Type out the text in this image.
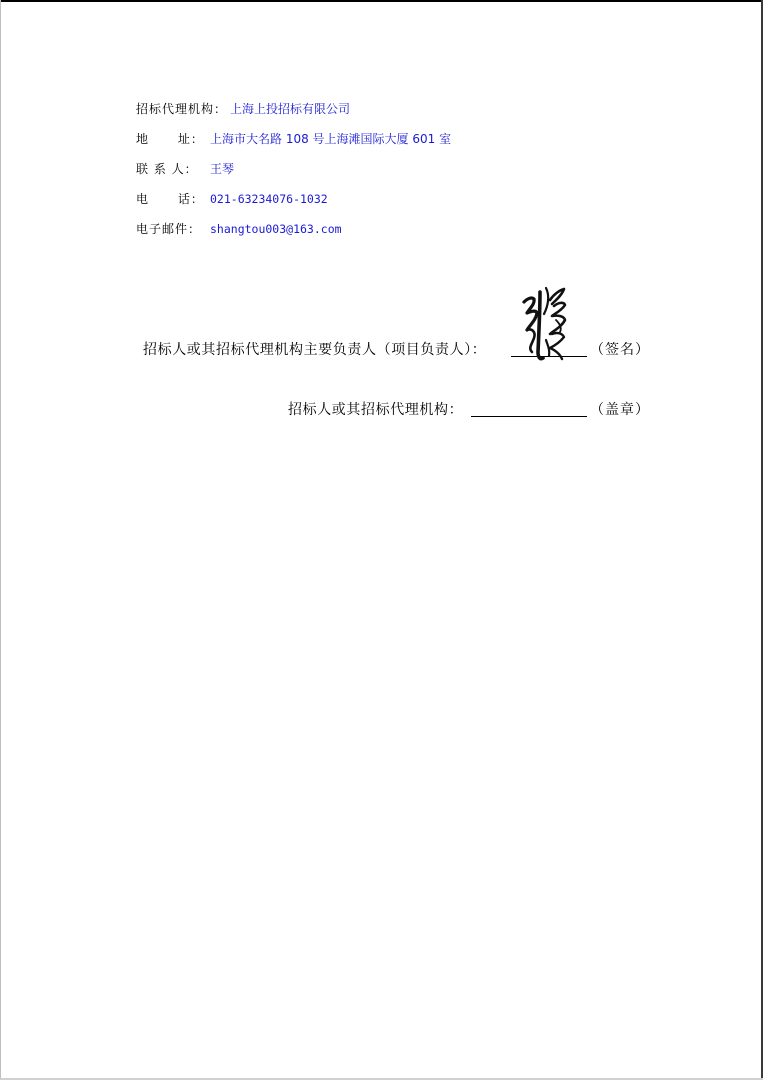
招标代理机构： 上海上投招标有限公司
地      址： 上海市大名路 108 号上海滩国际大厦 601 室
联 系 人： 王琴
电      话： 021-63234076-1032
电子邮件： shangtou003@163.com
招标人或其招标代理机构主要负责人（项目负责人）：	（签名）
招标人或其招标代理机构：	（盖章）
